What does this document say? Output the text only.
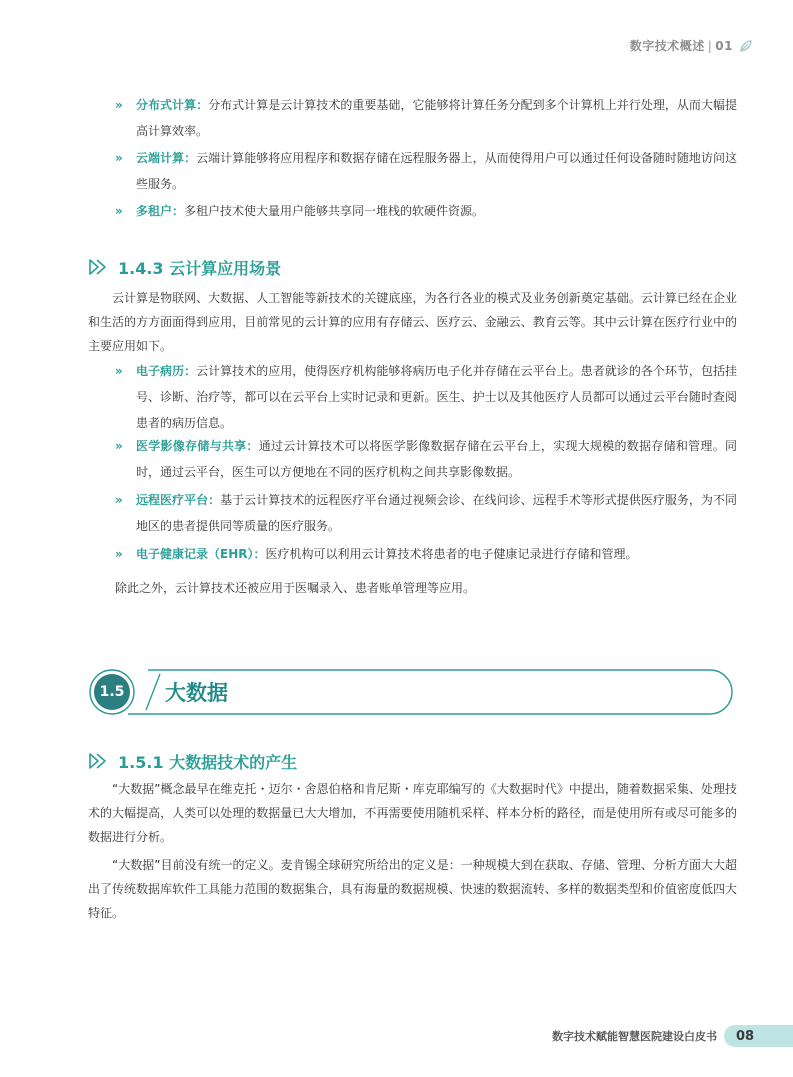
数字技术概述 | 01
» 分布式计算：分布式计算是云计算技术的重要基础，它能够将计算任务分配到多个计算机上并行处理，从而大幅提高计算效率。
» 云端计算：云端计算能够将应用程序和数据存储在远程服务器上，从而使得用户可以通过任何设备随时随地访问这些服务。
» 多租户：多租户技术使大量用户能够共享同一堆栈的软硬件资源。
1.4.3 云计算应用场景
云计算是物联网、大数据、人工智能等新技术的关键底座，为各行各业的模式及业务创新奠定基础。云计算已经在企业和生活的方方面面得到应用，目前常见的云计算的应用有存储云、医疗云、金融云、教育云等。其中云计算在医疗行业中的主要应用如下。
» 电子病历：云计算技术的应用，使得医疗机构能够将病历电子化并存储在云平台上。患者就诊的各个环节，包括挂号、诊断、治疗等，都可以在云平台上实时记录和更新。医生、护士以及其他医疗人员都可以通过云平台随时查阅患者的病历信息。
» 医学影像存储与共享：通过云计算技术可以将医学影像数据存储在云平台上，实现大规模的数据存储和管理。同时，通过云平台，医生可以方便地在不同的医疗机构之间共享影像数据。
» 远程医疗平台：基于云计算技术的远程医疗平台通过视频会诊、在线问诊、远程手术等形式提供医疗服务，为不同地区的患者提供同等质量的医疗服务。
» 电子健康记录（EHR）：医疗机构可以利用云计算技术将患者的电子健康记录进行存储和管理。
除此之外，云计算技术还被应用于医嘱录入、患者账单管理等应用。
1.5	大数据
1.5.1 大数据技术的产生
“大数据”概念最早在维克托・迈尔・舍恩伯格和肯尼斯・库克耶编写的《大数据时代》中提出，随着数据采集、处理技术的大幅提高，人类可以处理的数据量已大大增加，不再需要使用随机采样、样本分析的路径，而是使用所有或尽可能多的数据进行分析。
“大数据”目前没有统一的定义。麦肯锡全球研究所给出的定义是：一种规模大到在获取、存储、管理、分析方面大大超出了传统数据库软件工具能力范围的数据集合，具有海量的数据规模、快速的数据流转、多样的数据类型和价值密度低四大特征。
数字技术赋能智慧医院建设白皮书	08
